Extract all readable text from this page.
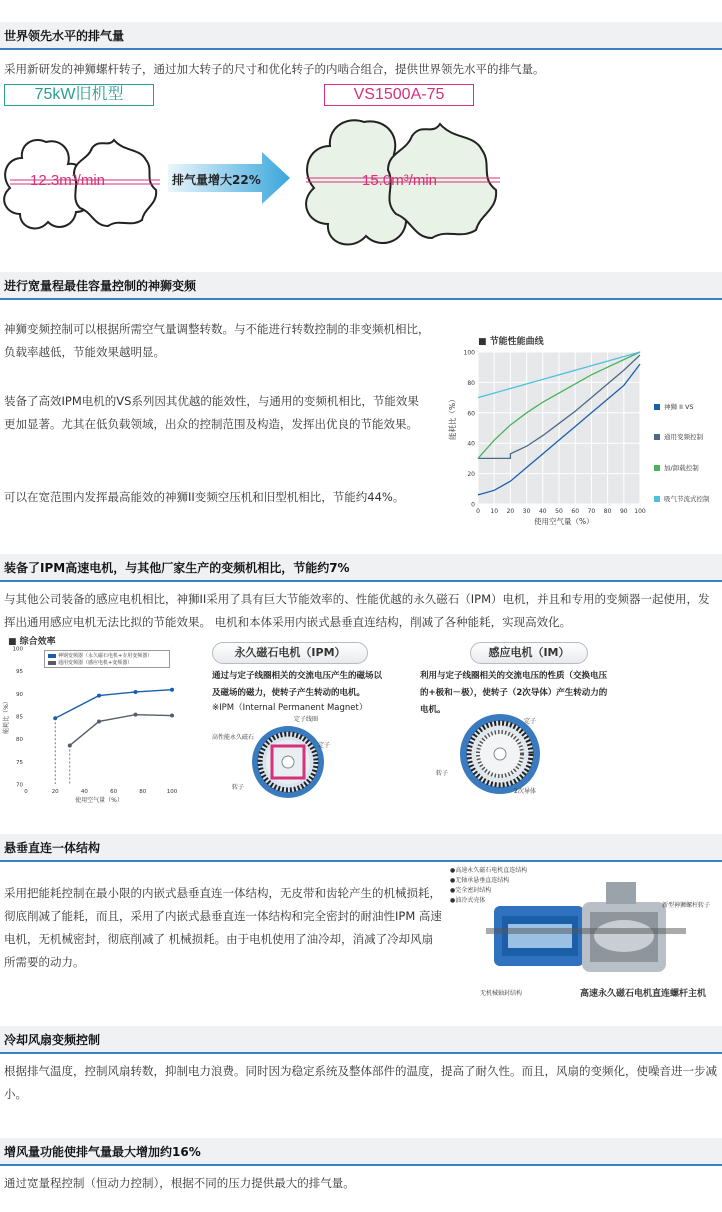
世界领先水平的排气量
采用新研发的神狮螺杆转子，通过加大转子的尺寸和优化转子的内啮合组合，提供世界领先水平的排气量。
75kW旧机型	VS1500A-75
12.3m³/min	排气量增大22%	15.0m³/min
进行宽量程最佳容量控制的神狮变频
神狮变频控制可以根据所需空气量调整转数。与不能进行转数控制的非变频机相比，负载率越低，节能效果越明显。
装备了高效IPM电机的VS系列因其优越的能效性，与通用的变频机相比，节能效果更加显著。尤其在低负载领域，出众的控制范围及构造，发挥出优良的节能效果。
可以在宽范围内发挥最高能效的神狮II变频空压机和旧型机相比，节能约44%。
■ 节能性能曲线
0
20
40
60
80
100
0 10 20 30 40 50 60 70 80 90 100
能耗比（%）
使用空气量（%）
神狮 II VS
通用变频控制
加/卸载控制
吸气节流式控制
装备了IPM高速电机，与其他厂家生产的变频机相比，节能约7%
与其他公司装备的感应电机相比，神狮II采用了具有巨大节能效率的、性能优越的永久磁石（IPM）电机，并且和专用的变频器一起使用，发挥出通用感应电机无法比拟的节能效果。 电机和本体采用内嵌式悬垂直连结构，削减了各种能耗，实现高效化。
■ 综合效率
70
75
80
85
90
95
100
0	20	40	60	80	100
使用空气量（%）
能耗比（%）
神钢变频器（永久磁石电机+专用变频器）
通用变频器（感应电机+变频器）
永久磁石电机（IPM）
通过与定子线圈相关的交流电压产生的磁场以及磁场的磁力，使转子产生转动的电机。
※IPM（Internal Permanent Magnet）
感应电机（IM）
利用与定子线圈相关的交流电压的性质（交换电压的+极和－极），使转子（2次导体）产生转动力的电机。
定子线圈
高性能永久磁石
定子
转子
定子
转子
2次导体
悬垂直连一体结构
采用把能耗控制在最小限的内嵌式悬垂直连一体结构，无皮带和齿轮产生的机械损耗，彻底削减了能耗，而且，采用了内嵌式悬垂直连一体结构和完全密封的耐油性IPM 高速电机，无机械密封，彻底削减了 机械损耗。由于电机使用了油冷却，消减了冷却风扇所需要的动力。
●高速永久磁石电机直连结构
●无轴承悬垂直连结构
●完全密封结构
●油冷式壳体
新型神狮螺杆转子
无机械轴封结构	高速永久磁石电机直连螺杆主机
冷却风扇变频控制
根据排气温度，控制风扇转数，抑制电力浪费。同时因为稳定系统及整体部件的温度，提高了耐久性。而且，风扇的变频化，使噪音进一步减小。
增风量功能使排气量最大增加约16%
通过宽量程控制（恒动力控制），根据不同的压力提供最大的排气量。
